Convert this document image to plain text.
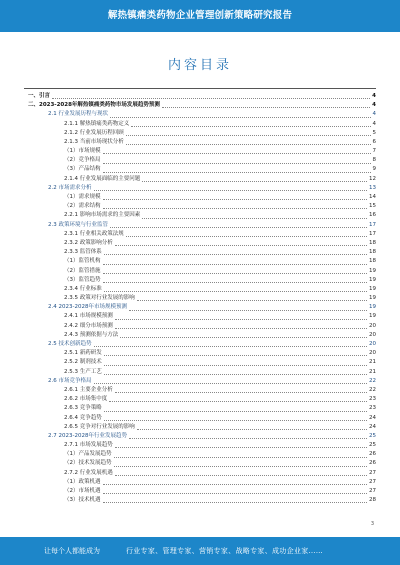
解热镇痛类药物企业管理创新策略研究报告
内容目录
一、引言	4
二、2023-2028年解热镇痛类药物市场发展趋势预测	4
2.1 行业发展历程与现状	4
2.1.1 解热镇痛类药物定义	4
2.1.2 行业发展历程回顾	5
2.1.3 当前市场现状分析	6
（1）市场规模	7
（2）竞争格局	8
（3）产品结构	9
2.1.4 行业发展面临的主要问题	12
2.2 市场需求分析	13
（1）需求规模	14
（2）需求结构	15
2.2.1 影响市场需求的主要因素	16
2.3 政策环境与行业监管	17
2.3.1 行业相关政策法规	17
2.3.2 政策影响分析	18
2.3.3 监管体系	18
（1）监管机构	18
（2）监管措施	19
（3）监管趋势	19
2.3.4 行业标准	19
2.3.5 政策对行业发展的影响	19
2.4 2023-2028年市场规模预测	19
2.4.1 市场规模预测	19
2.4.2 细分市场预测	20
2.4.3 预测依据与方法	20
2.5 技术创新趋势	20
2.5.1 新药研发	20
2.5.2 制剂技术	21
2.5.3 生产工艺	21
2.6 市场竞争格局	22
2.6.1 主要企业分析	22
2.6.2 市场集中度	23
2.6.3 竞争策略	23
2.6.4 竞争趋势	24
2.6.5 竞争对行业发展的影响	24
2.7 2023-2028年行业发展趋势	25
2.7.1 市场发展趋势	25
（1）产品发展趋势	26
（2）技术发展趋势	26
2.7.2 行业发展机遇	27
（1）政策机遇	27
（2）市场机遇	27
（3）技术机遇	28
3
让每个人都能成为	行业专家、管理专家、营销专家、战略专家、成功企业家……
